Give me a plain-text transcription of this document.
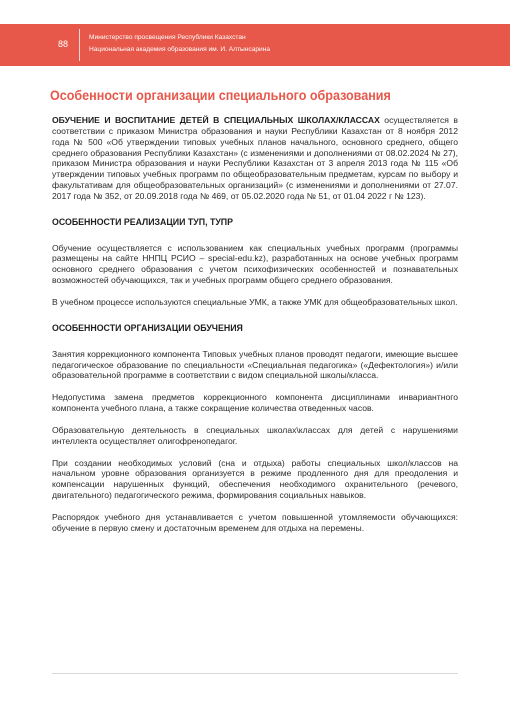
88
Министерство просвещения Республики Казахстан
Национальная академия образования им. И. Алтынсарина
Особенности организации специального образования

ОБУЧЕНИЕ И ВОСПИТАНИЕ ДЕТЕЙ В СПЕЦИАЛЬНЫХ ШКОЛАХ/КЛАССАХ осуществляется в соответствии с приказом Министра образования и науки Республики Казахстан от 8 ноября 2012 года № 500 «Об утверждении типовых учебных планов начального, основного среднего, общего среднего образования Республики Казахстан» (с изменениями и дополнениями от 08.02.2024 № 27), приказом Министра образования и науки Республики Казахстан от 3 апреля 2013 года № 115 «Об утверждении типовых учебных программ по общеобразовательным предметам, курсам по выбору и факультативам для общеобразовательных организаций» (с изменениями и дополнениями от 27.07. 2017 года № 352, от 20.09.2018 года № 469, от 05.02.2020 года № 51, от 01.04 2022 г № 123).

ОСОБЕННОСТИ РЕАЛИЗАЦИИ ТУП, ТУПР

Обучение осуществляется с использованием как специальных учебных программ (программы размещены на сайте ННПЦ РСИО – special-edu.kz), разработанных на основе учебных программ основного среднего образования с учетом психофизических особенностей и познавательных возможностей обучающихся, так и учебных программ общего среднего образования.

В учебном процессе используются специальные УМК, а также УМК для общеобразовательных школ.

ОСОБЕННОСТИ ОРГАНИЗАЦИИ ОБУЧЕНИЯ

Занятия коррекционного компонента Типовых учебных планов проводят педагоги, имеющие высшее педагогическое образование по специальности «Специальная педагогика» («Дефектология») и/или образовательной программе в соответствии с видом специальной школы/класса.

Недопустима замена предметов коррекционного компонента дисциплинами инвариантного компонента учебного плана, а также сокращение количества отведенных часов.

Образовательную деятельность в специальных школах\классах для детей с нарушениями интеллекта осуществляет олигофренопедагог.

При создании необходимых условий (сна и отдыха) работы специальных школ/классов на начальном уровне образования организуется в режиме продленного дня для преодоления и компенсации нарушенных функций, обеспечения необходимого охранительного (речевого, двигательного) педагогического режима, формирования социальных навыков.

Распорядок учебного дня устанавливается с учетом повышенной утомляемости обучающихся: обучение в первую смену и достаточным временем для отдыха на перемены.
